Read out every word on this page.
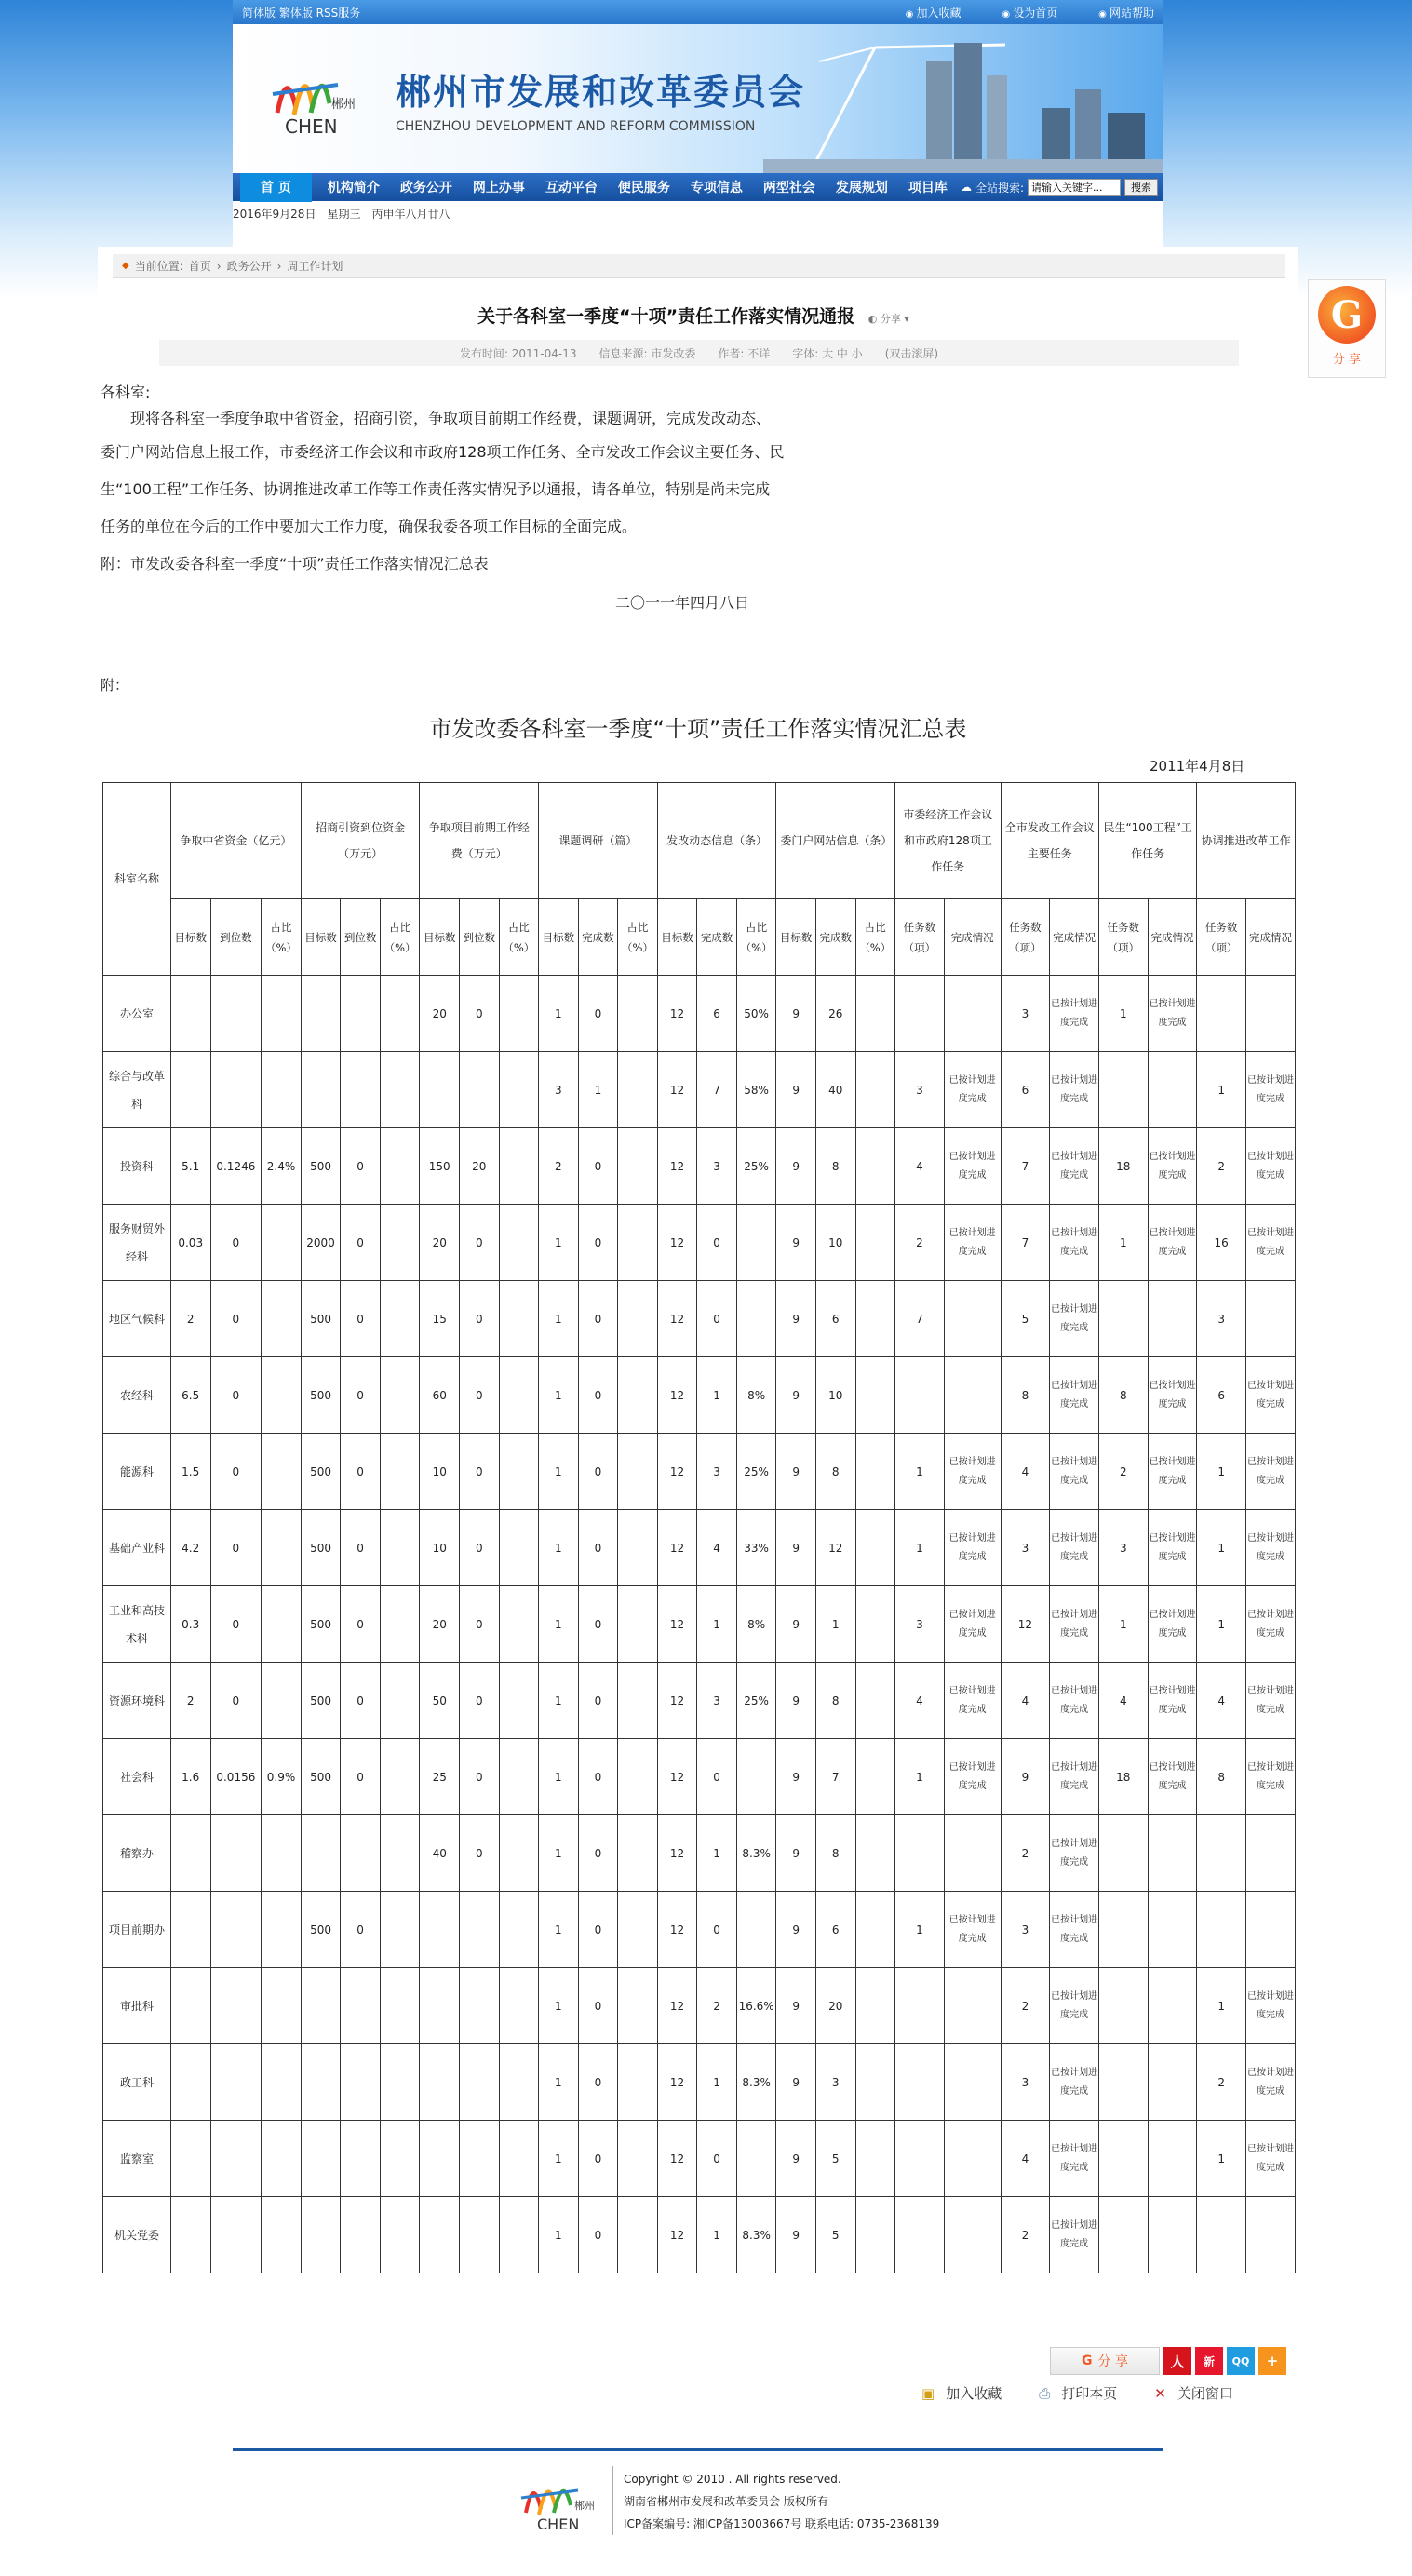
简体版 繁体版 RSS服务	◉ 加入收藏	◉ 设为首页	◉ 网站帮助
郴州
CHEN
郴州市发展和改革委员会
CHENZHOU DEVELOPMENT AND REFORM COMMISSION
首 页	机构简介	政务公开	网上办事	互动平台	便民服务	专项信息	两型社会	发展规划	项目库	☁ 全站搜索:
请输入关键字...	搜索
2016年9月28日 星期三 丙申年八月廿八
G
分 享
◆ 当前位置: 首页 › 政务公开 › 周工作计划
关于各科室一季度“十项”责任工作落实情况通报 ◐ 分享 ▾
发布时间: 2011-04-13 信息来源: 市发改委 作者: 不详 字体: 大 中 小 (双击滚屏)

各科室:

现将各科室一季度争取中省资金，招商引资，争取项目前期工作经费，课题调研，完成发改动态、

委门户网站信息上报工作，市委经济工作会议和市政府128项工作任务、全市发改工作会议主要任务、民

生“100工程”工作任务、协调推进改革工作等工作责任落实情况予以通报，请各单位，特别是尚未完成

任务的单位在今后的工作中要加大工作力度，确保我委各项工作目标的全面完成。

附：市发改委各科室一季度“十项”责任工作落实情况汇总表

二〇一一年四月八日
附：
市发改委各科室一季度“十项”责任工作落实情况汇总表
2011年4月8日
科室名称	争取中省资金（亿元）			招商引资到位资金（万元）			争取项目前期工作经费（万元）			课题调研（篇）			发改动态信息（条）			委门户网站信息（条）			市委经济工作会议和市政府128项工作任务		全市发改工作会议主要任务		民生“100工程”工作任务		协调推进改革工作	
	目标数	到位数	占比（%）	目标数	到位数	占比（%）	目标数	到位数	占比（%）	目标数	完成数	占比（%）	目标数	完成数	占比（%）	目标数	完成数	占比（%）	任务数（项）	完成情况	任务数（项）	完成情况	任务数（项）	完成情况	任务数（项）	完成情况
办公室							20	0		1	0		12	6	50%	9	26				3	已按计划进度完成	1	已按计划进度完成		
综合与改革科										3	1		12	7	58%	9	40		3	已按计划进度完成	6	已按计划进度完成			1	已按计划进度完成
投资科	5.1	0.1246	2.4%	500	0		150	20		2	0		12	3	25%	9	8		4	已按计划进度完成	7	已按计划进度完成	18	已按计划进度完成	2	已按计划进度完成
服务财贸外经科	0.03	0		2000	0		20	0		1	0		12	0		9	10		2	已按计划进度完成	7	已按计划进度完成	1	已按计划进度完成	16	已按计划进度完成
地区气候科	2	0		500	0		15	0		1	0		12	0		9	6		7		5	已按计划进度完成			3	
农经科	6.5	0		500	0		60	0		1	0		12	1	8%	9	10				8	已按计划进度完成	8	已按计划进度完成	6	已按计划进度完成
能源科	1.5	0		500	0		10	0		1	0		12	3	25%	9	8		1	已按计划进度完成	4	已按计划进度完成	2	已按计划进度完成	1	已按计划进度完成
基础产业科	4.2	0		500	0		10	0		1	0		12	4	33%	9	12		1	已按计划进度完成	3	已按计划进度完成	3	已按计划进度完成	1	已按计划进度完成
工业和高技术科	0.3	0		500	0		20	0		1	0		12	1	8%	9	1		3	已按计划进度完成	12	已按计划进度完成	1	已按计划进度完成	1	已按计划进度完成
资源环境科	2	0		500	0		50	0		1	0		12	3	25%	9	8		4	已按计划进度完成	4	已按计划进度完成	4	已按计划进度完成	4	已按计划进度完成
社会科	1.6	0.0156	0.9%	500	0		25	0		1	0		12	0		9	7		1	已按计划进度完成	9	已按计划进度完成	18	已按计划进度完成	8	已按计划进度完成
稽察办							40	0		1	0		12	1	8.3%	9	8				2	已按计划进度完成				
项目前期办				500	0					1	0		12	0		9	6		1	已按计划进度完成	3	已按计划进度完成				
审批科										1	0		12	2	16.6%	9	20				2	已按计划进度完成			1	已按计划进度完成
政工科										1	0		12	1	8.3%	9	3				3	已按计划进度完成			2	已按计划进度完成
监察室										1	0		12	0		9	5				4	已按计划进度完成			1	已按计划进度完成
机关党委										1	0		12	1	8.3%	9	5				2	已按计划进度完成				
G 分 享	人	新	QQ	+
▣ 加入收藏	⎙ 打印本页	✕ 关闭窗口
郴州
CHEN
Copyright © 2010 . All rights reserved.
湖南省郴州市发展和改革委员会 版权所有
ICP备案编号: 湘ICP备13003667号 联系电话: 0735-2368139
